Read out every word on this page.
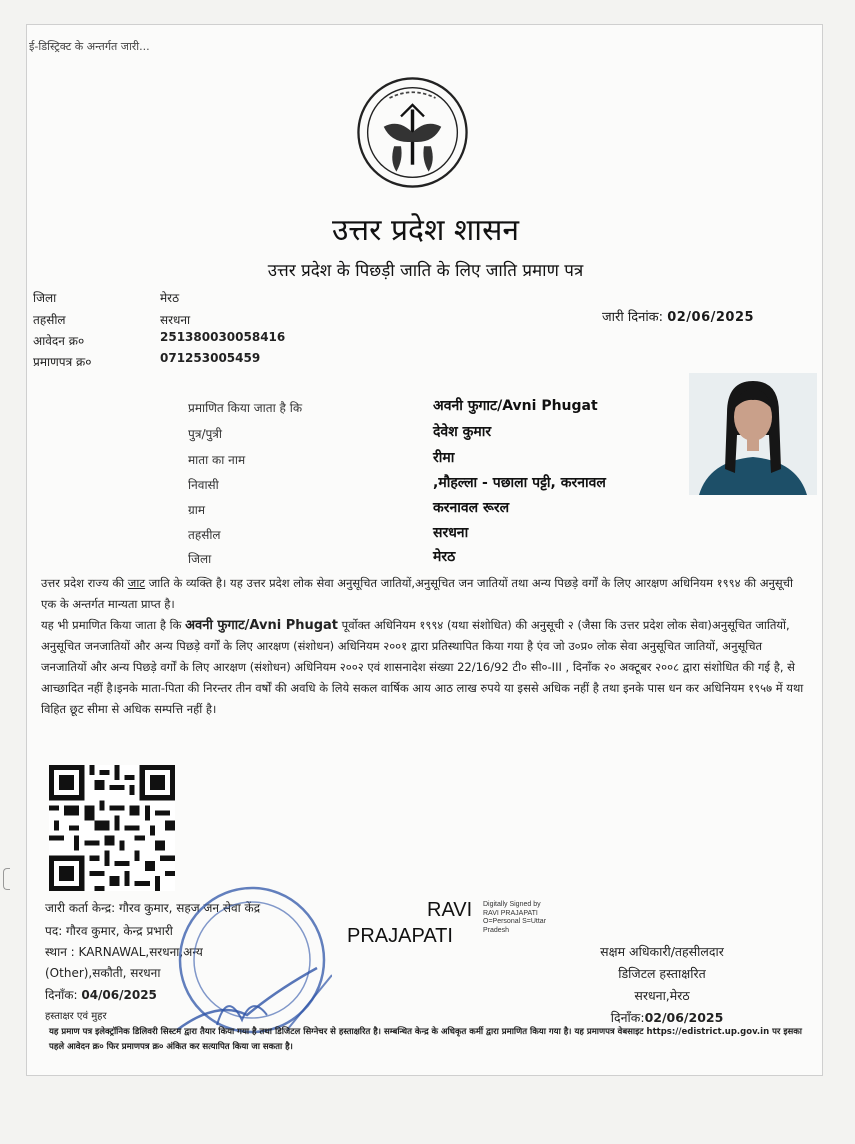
ई-डिस्ट्रिक्ट के अन्तर्गत जारी...
उत्तर प्रदेश शासन
उत्तर प्रदेश के पिछड़ी जाति के लिए जाति प्रमाण पत्र
जिला	मेरठ
तहसील	सरधना
आवेदन क्र०	251380030058416
प्रमाणपत्र क्र०	071253005459
जारी दिनांक: 02/06/2025
प्रमाणित किया जाता है कि	अवनी फुगाट/Avni Phugat
पुत्र/पुत्री	देवेश कुमार
माता का नाम	रीमा
निवासी	,मौहल्ला - पछाला पट्टी, करनावल
ग्राम	करनावल रूरल
तहसील	सरधना
जिला	मेरठ
उत्तर प्रदेश राज्य की जाट जाति के व्यक्ति है। यह उत्तर प्रदेश लोक सेवा अनुसूचित जातियों,अनुसूचित जन जातियों तथा अन्य पिछड़े वर्गों के लिए आरक्षण अधिनियम १९९४ की अनुसूची एक के अन्तर्गत मान्यता प्राप्त है।
यह भी प्रमाणित किया जाता है कि अवनी फुगाट/Avni Phugat पूर्वोक्त अधिनियम १९९४ (यथा संशोधित) की अनुसूची २ (जैसा कि उत्तर प्रदेश लोक सेवा)अनुसूचित जातियों, अनुसूचित जनजातियों और अन्य पिछड़े वर्गों के लिए आरक्षण (संशोधन) अधिनियम २००१ द्वारा प्रतिस्थापित किया गया है एंव जो उ०प्र० लोक सेवा अनुसूचित जातियों, अनुसूचित जनजातियों और अन्य पिछड़े वर्गों के लिए आरक्षण (संशोधन) अधिनियम २००२ एवं शासनादेश संख्या 22/16/92 टी० सी०-III , दिनाँक २० अक्टूबर २००८ द्वारा संशोधित की गई है, से आच्छादित नहीं है।इनके माता-पिता की निरन्तर तीन वर्षों की अवधि के लिये सकल वार्षिक आय आठ लाख रुपये या इससे अधिक नहीं है तथा इनके पास धन कर अधिनियम १९५७ में यथा विहित छूट सीमा से अधिक सम्पत्ति नहीं है।
जारी कर्ता केन्द्र: गौरव कुमार, सहज जन सेवा केंद्र
पद: गौरव कुमार, केन्द्र प्रभारी
स्थान : KARNAWAL,सरधना,अन्य
(Other),सकौती, सरधना
दिनाँक: 04/06/2025
हस्ताक्षर एवं मुहर
RAVI
PRAJAPATI
Digitally Signed by RAVI PRAJAPATI O=Personal S=Uttar Pradesh
सक्षम अधिकारी/तहसीलदार
डिजिटल हस्ताक्षरित
सरधना,मेरठ
दिनाँक:02/06/2025
यह प्रमाण पत्र इलेक्ट्रॉनिक डिलिवरी सिस्टम द्वारा तैयार किया गया है तथा डिजिटल सिग्नेचर से हस्ताक्षरित है। सम्बन्धित केन्द्र के अधिकृत कर्मी द्वारा प्रमाणित किया गया है। यह प्रमाणपत्र वेबसाइट https://edistrict.up.gov.in पर इसका पहले आवेदन क्र० फिर प्रमाणपत्र क्र० अंकित कर सत्यापित किया जा सकता है।
